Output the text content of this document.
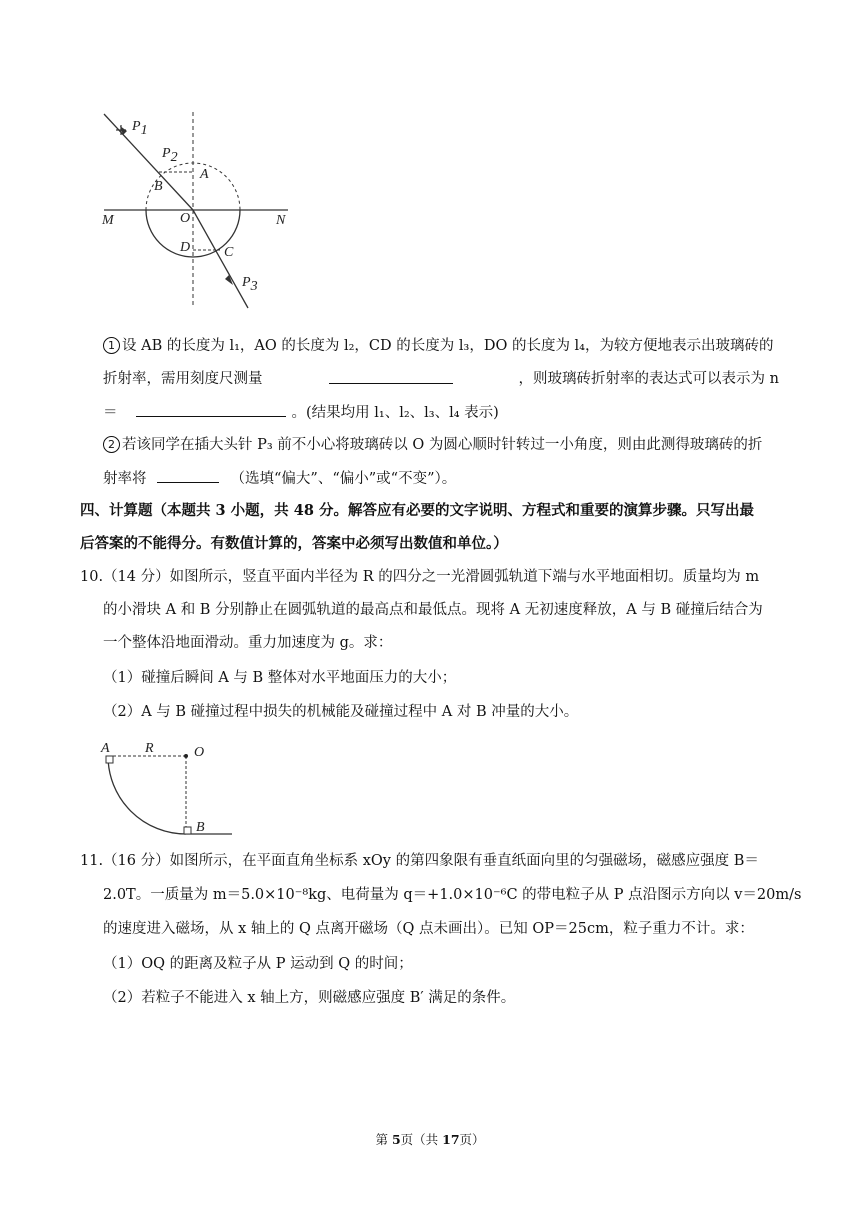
P1
P2
B
A
O
M	N
D C
P3
1 设 AB 的长度为 l₁，AO 的长度为 l₂，CD 的长度为 l₃，DO 的长度为 l₄，为较方便地表示出玻璃砖的
折射率，需用刻度尺测量	，则玻璃砖折射率的表达式可以表示为 n
＝	。(结果均用 l₁、l₂、l₃、l₄ 表示)
2 若该同学在插大头针 P₃ 前不小心将玻璃砖以 O 为圆心顺时针转过一小角度，则由此测得玻璃砖的折
射率将	（选填“偏大”、“偏小”或“不变”）。
四、计算题（本题共 3 小题，共 48 分。解答应有必要的文字说明、方程式和重要的演算步骤。只写出最
后答案的不能得分。有数值计算的，答案中必须写出数值和单位。）
10.（14 分）如图所示，竖直平面内半径为 R 的四分之一光滑圆弧轨道下端与水平地面相切。质量均为 m
的小滑块 A 和 B 分别静止在圆弧轨道的最高点和最低点。现将 A 无初速度释放，A 与 B 碰撞后结合为
一个整体沿地面滑动。重力加速度为 g。求：
（1）碰撞后瞬间 A 与 B 整体对水平地面压力的大小；
（2）A 与 B 碰撞过程中损失的机械能及碰撞过程中 A 对 B 冲量的大小。
A	R	O
B
11.（16 分）如图所示，在平面直角坐标系 xOy 的第四象限有垂直纸面向里的匀强磁场，磁感应强度 B＝
2.0T。一质量为 m＝5.0×10⁻⁸kg、电荷量为 q＝+1.0×10⁻⁶C 的带电粒子从 P 点沿图示方向以 v＝20m/s
的速度进入磁场，从 x 轴上的 Q 点离开磁场（Q 点未画出）。已知 OP＝25cm，粒子重力不计。求：
（1）OQ 的距离及粒子从 P 运动到 Q 的时间；
（2）若粒子不能进入 x 轴上方，则磁感应强度 B′ 满足的条件。
第 5页（共 17页）
